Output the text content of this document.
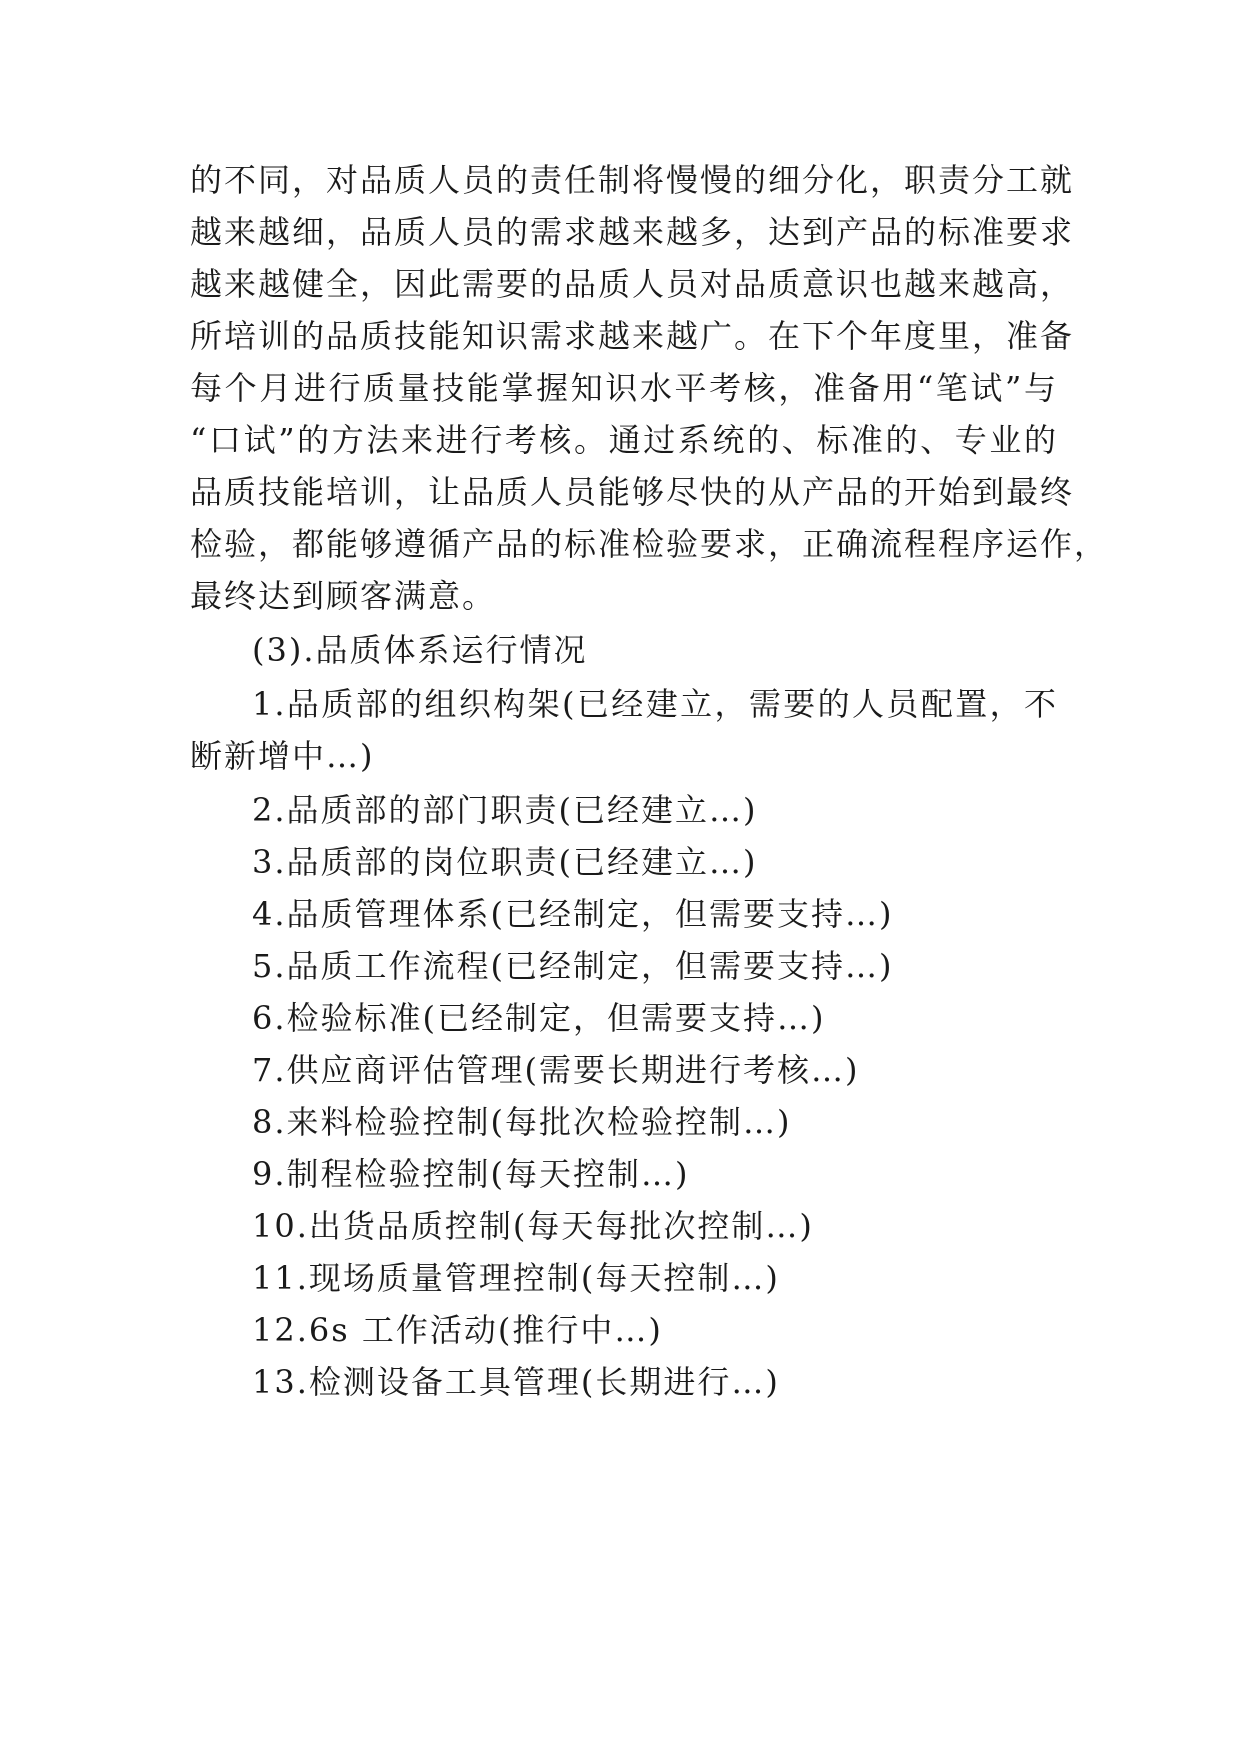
的不同，对品质人员的责任制将慢慢的细分化，职责分工就
越来越细，品质人员的需求越来越多，达到产品的标准要求
越来越健全，因此需要的品质人员对品质意识也越来越高，
所培训的品质技能知识需求越来越广。在下个年度里，准备
每个月进行质量技能掌握知识水平考核，准备用“笔试”与
“口试”的方法来进行考核。通过系统的、标准的、专业的
品质技能培训，让品质人员能够尽快的从产品的开始到最终
检验，都能够遵循产品的标准检验要求，正确流程程序运作，
最终达到顾客满意。
(3).品质体系运行情况
1.品质部的组织构架(已经建立，需要的人员配置，不
断新增中…)
2.品质部的部门职责(已经建立…)
3.品质部的岗位职责(已经建立…)
4.品质管理体系(已经制定，但需要支持…)
5.品质工作流程(已经制定，但需要支持…)
6.检验标准(已经制定，但需要支持…)
7.供应商评估管理(需要长期进行考核…)
8.来料检验控制(每批次检验控制…)
9.制程检验控制(每天控制…)
10.出货品质控制(每天每批次控制…)
11.现场质量管理控制(每天控制…)
12.6s 工作活动(推行中…)
13.检测设备工具管理(长期进行…)
